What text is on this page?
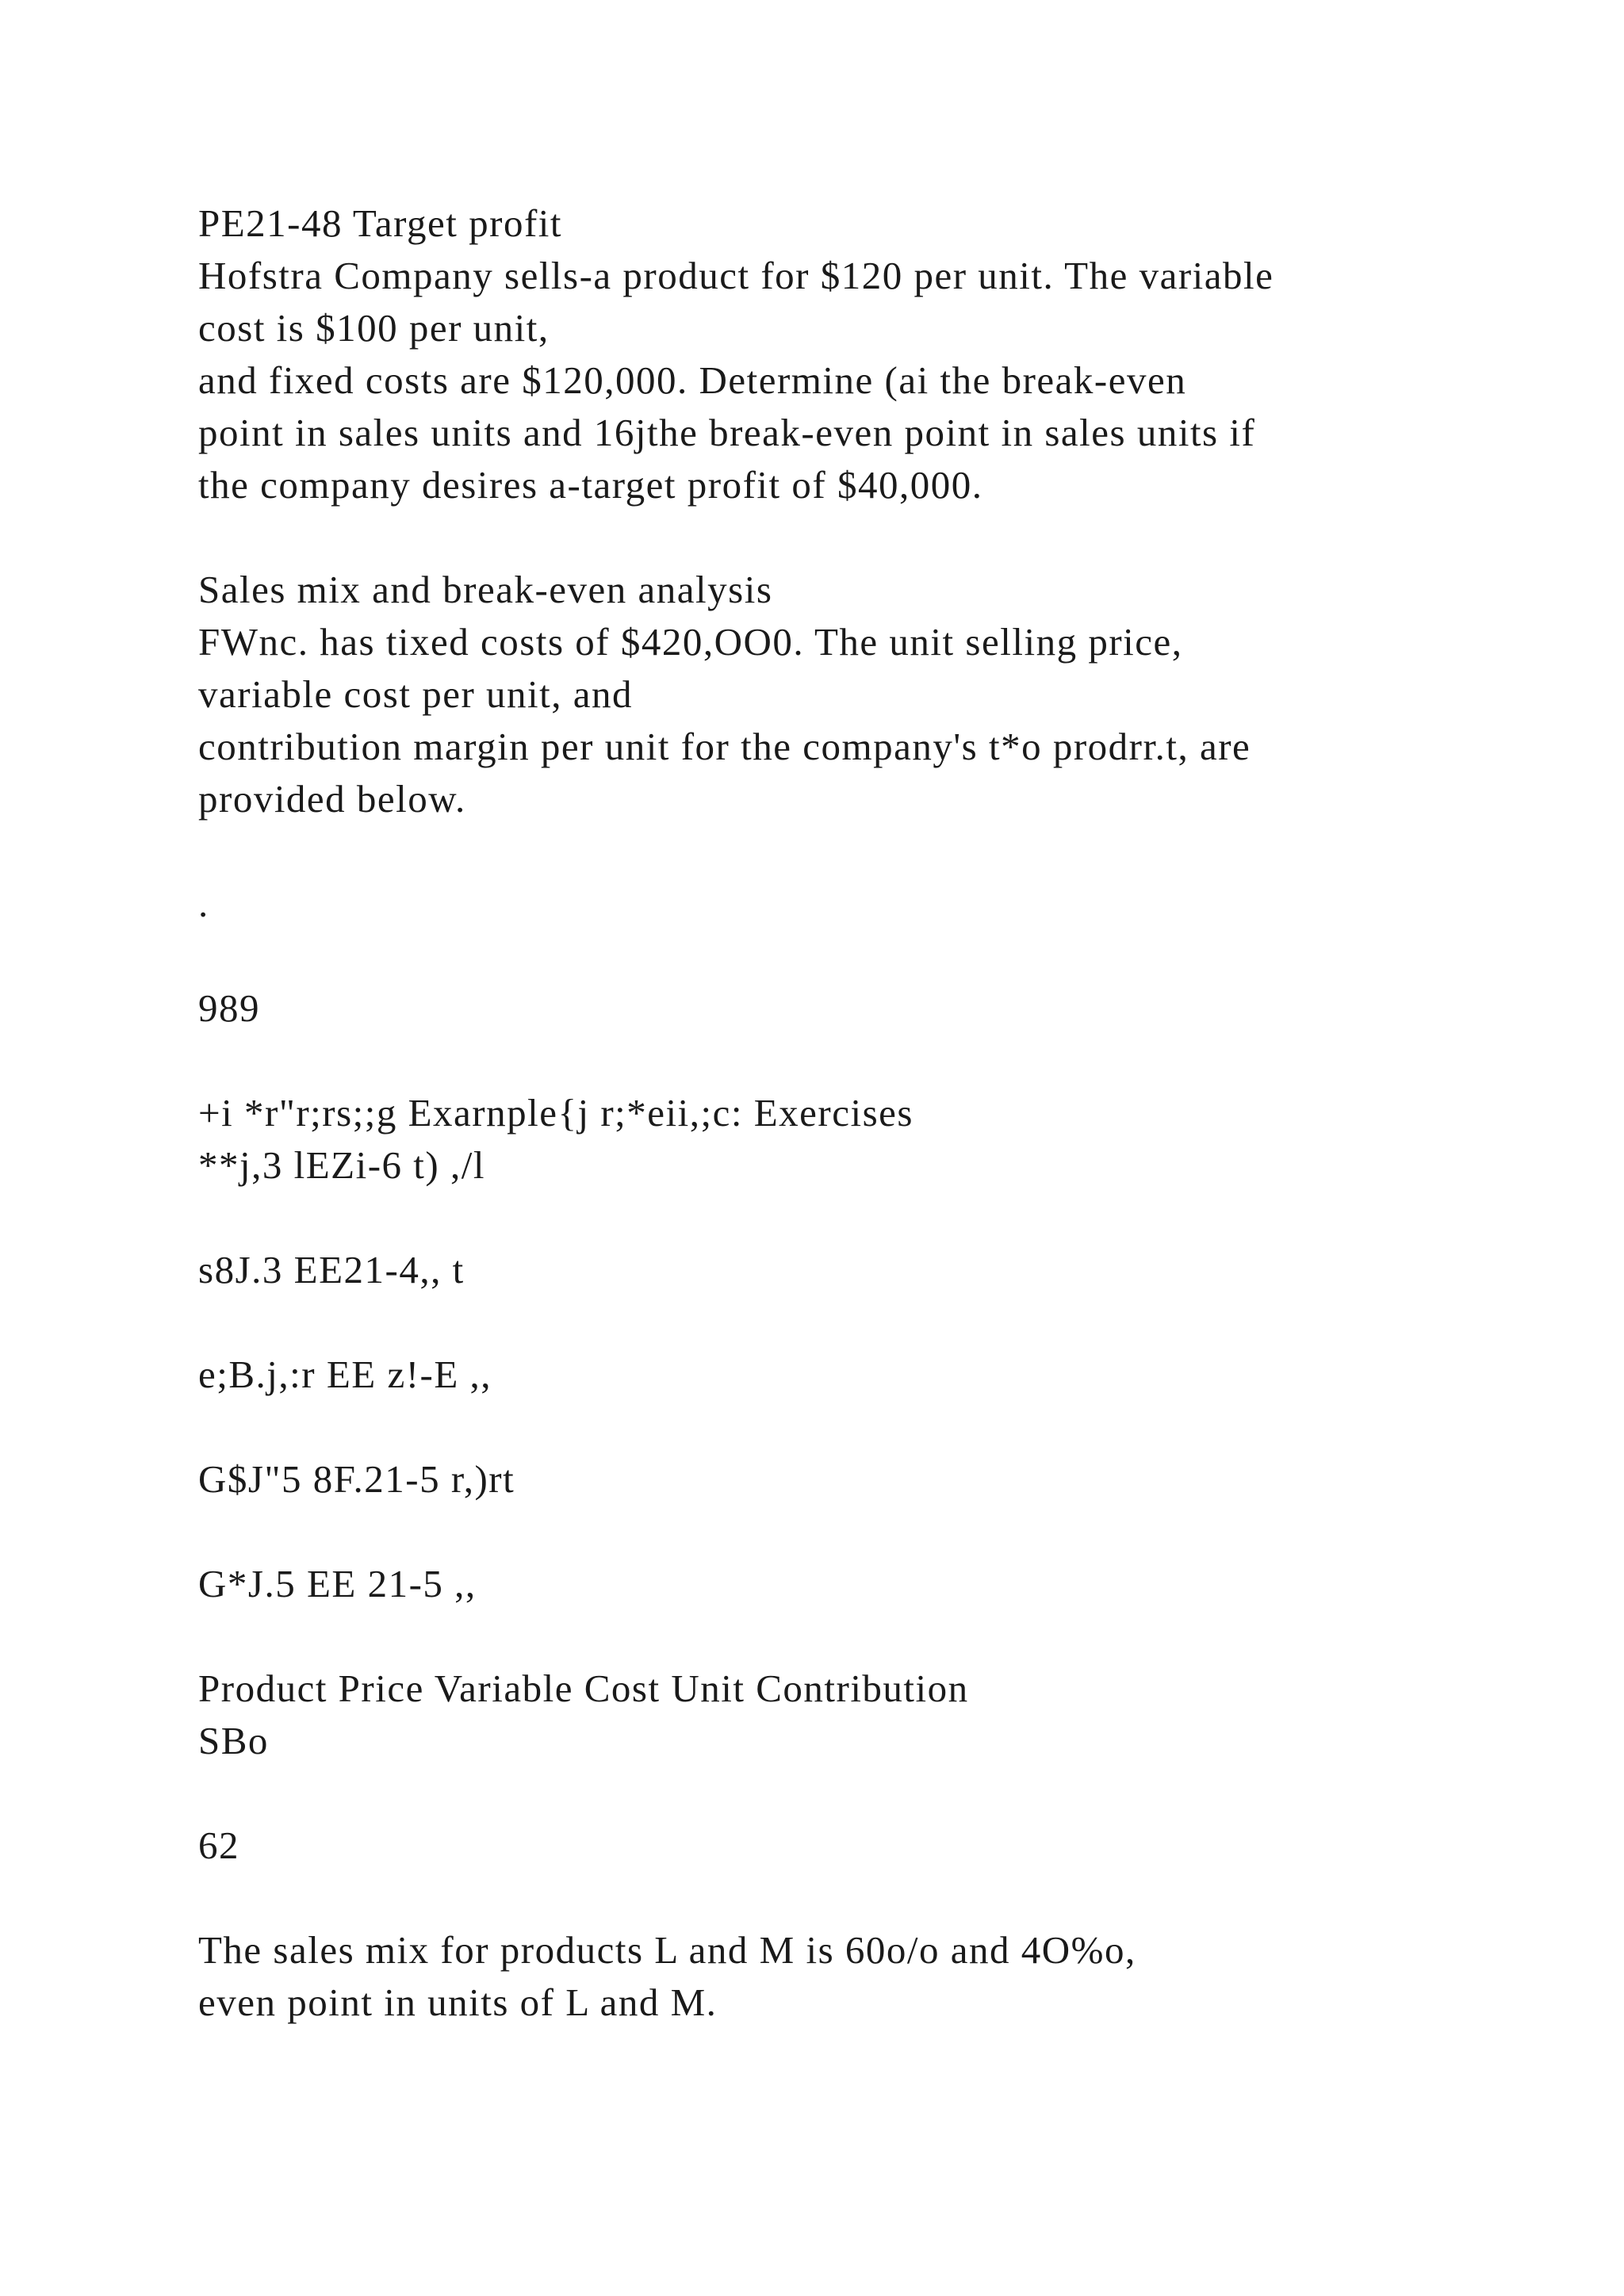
PE21-48 Target profit
Hofstra Company sells-a product for $120 per unit. The variable
cost is $100 per unit,
and fixed costs are $120,000. Determine (ai the break-even
point in sales units and 16jthe break-even point in sales units if
the company desires a-target profit of $40,000.
Sales mix and break-even analysis
FWnc. has tixed costs of $420,OO0. The unit selling price,
variable cost per unit, and
contribution margin per unit for the company's t*o prodrr.t, are
provided below.
.
989
+i *r"r;rs;;g Exarnple{j r;*eii,;c: Exercises
**j,3 lEZi-6 t) ,/l
s8J.3 EE21-4,, t
e;B.j,:r EE z!-E ,,
G$J"5 8F.21-5 r,)rt
G*J.5 EE 21-5 ,,
Product Price Variable Cost Unit Contribution
SBo
62
The sales mix for products L and M is 60o/o and 4O%o,
even point in units of L and M.
